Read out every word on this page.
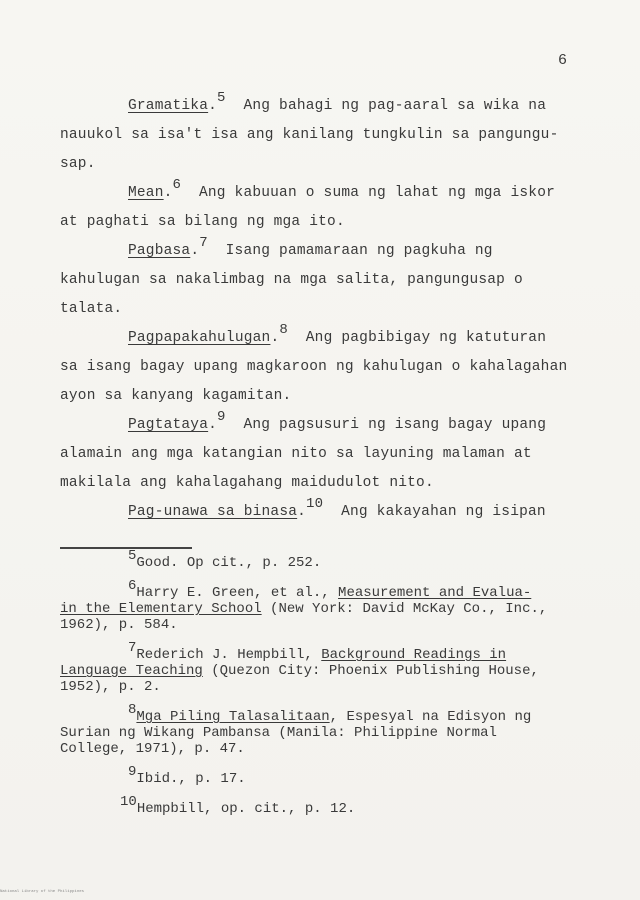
6
Gramatika.$^5$ Ang bahagi ng pag-aaral sa wika na
nauukol sa isa't isa ang kanilang tungkulin sa pangungu-
sap.
Mean.$^6$ Ang kabuuan o suma ng lahat ng mga iskor
at paghati sa bilang ng mga ito.
Pagbasa.$^7$ Isang pamamaraan ng pagkuha ng
kahulugan sa nakalimbag na mga salita, pangungusap o
talata.
Pagpapakahulugan.$^8$ Ang pagbibigay ng katuturan
sa isang bagay upang magkaroon ng kahulugan o kahalagahan
ayon sa kanyang kagamitan.
Pagtataya.$^9$ Ang pagsusuri ng isang bagay upang
alamain ang mga katangian nito sa layuning malaman at
makilala ang kahalagahang maidudulot nito.
Pag-unawa sa binasa.$^{10}$ Ang kakayahan ng isipan
5Good. Op cit., p. 252.
6Harry E. Green, et al., Measurement and Evalua-
in the Elementary School (New York: David McKay Co., Inc.,
1962), p. 584.
7Rederich J. Hempbill, Background Readings in
Language Teaching (Quezon City: Phoenix Publishing House,
1952), p. 2.
8Mga Piling Talasalitaan, Espesyal na Edisyon ng
Surian ng Wikang Pambansa (Manila: Philippine Normal
College, 1971), p. 47.
9Ibid., p. 17.
10Hempbill, op. cit., p. 12.
National Library of the Philippines
